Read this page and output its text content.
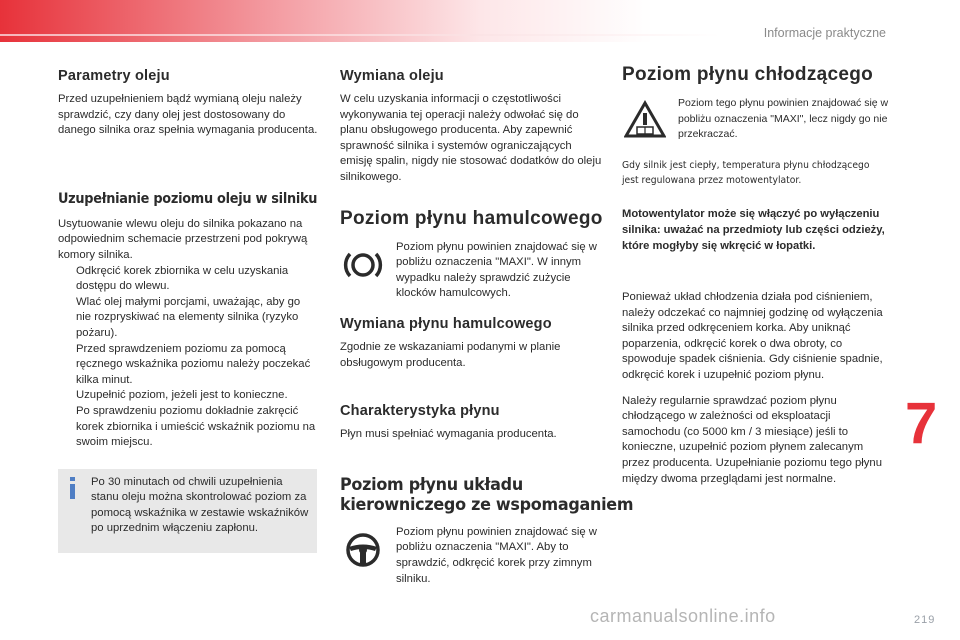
Informacje praktyczne
Parametry oleju

Przed uzupełnieniem bądź wymianą oleju należy sprawdzić, czy dany olej jest dostosowany do danego silnika oraz spełnia wymagania producenta.

Uzupełnianie poziomu oleju w silniku

Usytuowanie wlewu oleju do silnika pokazano na odpowiednim schemacie przestrzeni pod pokrywą komory silnika.

Odkręcić korek zbiornika w celu uzyskania dostępu do wlewu.
Wlać olej małymi porcjami, uważając, aby go nie rozpryskiwać na elementy silnika (ryzyko pożaru).
Przed sprawdzeniem poziomu za pomocą ręcznego wskaźnika poziomu należy poczekać kilka minut.
Uzupełnić poziom, jeżeli jest to konieczne.
Po sprawdzeniu poziomu dokładnie zakręcić korek zbiornika i umieścić wskaźnik poziomu na swoim miejscu.

Po 30 minutach od chwili uzupełnienia stanu oleju można skontrolować poziom za pomocą wskaźnika w zestawie wskaźników po uprzednim włączeniu zapłonu.

Wymiana oleju

W celu uzyskania informacji o częstotliwości wykonywania tej operacji należy odwołać się do planu obsługowego producenta. Aby zapewnić sprawność silnika i systemów ograniczających emisję spalin, nigdy nie stosować dodatków do oleju silnikowego.

Poziom płynu hamulcowego

Poziom płynu powinien znajdować się w pobliżu oznaczenia "MAXI". W innym wypadku należy sprawdzić zużycie klocków hamulcowych.

Wymiana płynu hamulcowego

Zgodnie ze wskazaniami podanymi w planie obsługowym producenta.

Charakterystyka płynu

Płyn musi spełniać wymagania producenta.

Poziom płynu układu
kierowniczego ze wspomaganiem

Poziom płynu powinien znajdować się w pobliżu oznaczenia "MAXI". Aby to sprawdzić, odkręcić korek przy zimnym silniku.

Poziom płynu chłodzącego

Poziom tego płynu powinien znajdować się w pobliżu oznaczenia "MAXI", lecz nigdy go nie przekraczać.

Gdy silnik jest ciepły, temperatura płynu chłodzącego jest regulowana przez motowentylator.

Motowentylator może się włączyć po wyłączeniu silnika: uważać na przedmioty lub części odzieży, które mogłyby się wkręcić w łopatki.

Ponieważ układ chłodzenia działa pod ciśnieniem, należy odczekać co najmniej godzinę od wyłączenia silnika przed odkręceniem korka. Aby uniknąć poparzenia, odkręcić korek o dwa obroty, co spowoduje spadek ciśnienia. Gdy ciśnienie spadnie, odkręcić korek i uzupełnić poziom płynu.

Należy regularnie sprawdzać poziom płynu chłodzącego w zależności od eksploatacji samochodu (co 5000 km / 3 miesiące) jeśli to konieczne, uzupełnić poziom płynem zalecanym przez producenta. Uzupełnianie poziomu tego płynu między dwoma przeglądami jest normalne.

7
carmanualsonline.info	219
